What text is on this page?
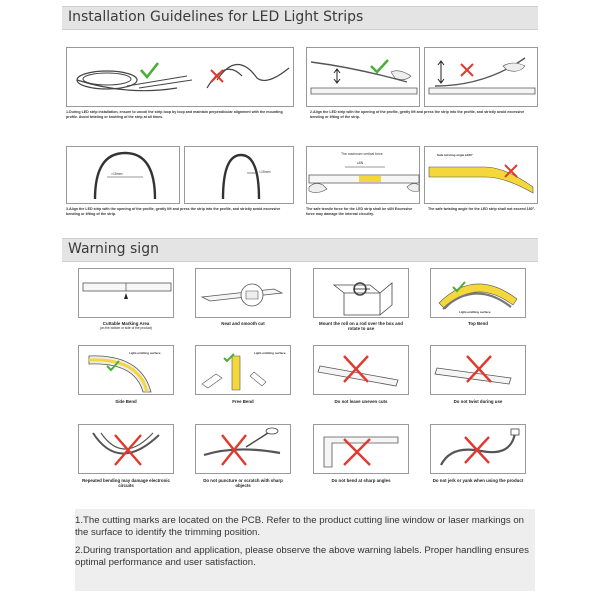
Installation Guidelines for LED Light Strips
1.During LED strip installation, ensure to uncoil the strip loop by loop and maintain perpendicular alignment with the mounting profile. Avoid twisting or knotting of the strip at all times.
2.Align the LED strip with the opening of the profile, gently lift and press the strip into the profile, and strictly avoid excessive bending or lifting of the strip.
>15mm	<15mm
3.Align the LED strip with the opening of the profile, gently lift and press the strip into the profile, and strictly avoid excessive bending or lifting of the strip.
The maximum vertical force
≤6N
The safe tensile force for the LED strip shall be ≤6N Excessive force may damage the internal circuitry.
Safe twisting angle ≤180°
The safe twisting angle for the LED strip shall not exceed 180°.
Warning sign
Cuttable Marking Area
(on the bottom or side of the product)
Neat and smooth cut	Mount the roll on a rod over the box and rotate to use
Light-emitting surface
Top Bend
Light-emitting surface
Side Bend
Light-emitting surface
Free Bend	Do not leave uneven cuts	Do not twist during use
Repeated bending may damage electronic circuits
Do not puncture or scratch with sharp objects
Do not bend at sharp angles	Do not jerk or yank when using the product

1.The cutting marks are located on the PCB. Refer to the product cutting line window or laser markings on the surface to identify the trimming position.

2.During transportation and application, please observe the above warning labels. Proper handling ensures optimal performance and user satisfaction.
